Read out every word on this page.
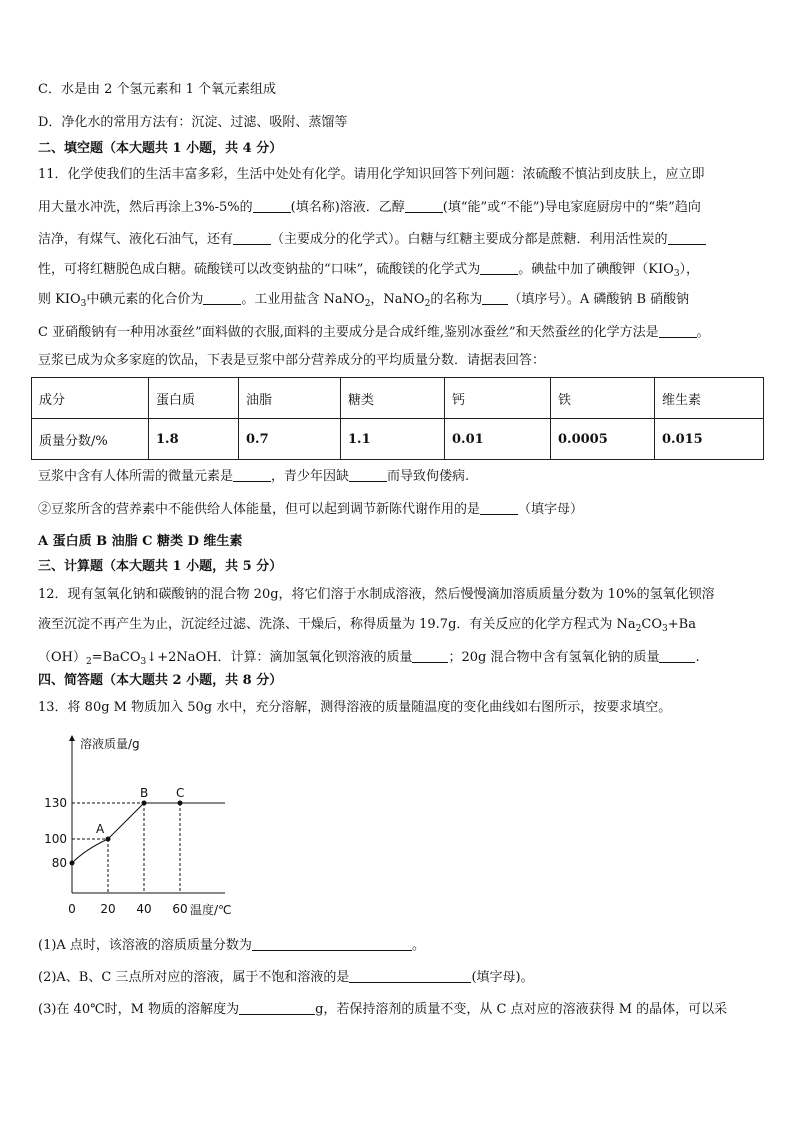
C．水是由 2 个氢元素和 1 个氧元素组成
D．净化水的常用方法有：沉淀、过滤、吸附、蒸馏等
二、填空题（本大题共 1 小题，共 4 分）
11．化学使我们的生活丰富多彩，生活中处处有化学。请用化学知识回答下列问题：浓硫酸不慎沾到皮肤上，应立即
用大量水冲洗，然后再涂上3%-5%的	(填名称)溶液．乙醇	(填“能”或“不能”)导电家庭厨房中的“柴”趋向
洁净，有煤气、液化石油气，还有	（主要成分的化学式）。白糖与红糖主要成分都是蔗糖．利用活性炭的
性，可将红糖脱色成白糖。硫酸镁可以改变钠盐的“口味”，硫酸镁的化学式为	。碘盐中加了碘酸钾$(KIO_3)$，
则 $KIO_3$中碘元素的化合价为	。工业用盐含 NaNO$_2$，NaNO$_2$的名称为 （填序号）。A 磷酸钠 B 硝酸钠
C 亚硝酸钠有一种用冰蚕丝”面料做的衣服,面料的主要成分是合成纤维,鉴别冰蚕丝”和天然蚕丝的化学方法是	。
豆浆已成为众多家庭的饮品，下表是豆浆中部分营养成分的平均质量分数．请据表回答：
成分	蛋白质	油脂	糖类	钙	铁	维生素
质量分数/%	1.8	0.7	1.1	0.01	0.0005	0.015
豆浆中含有人体所需的微量元素是	，青少年因缺	而导致佝偻病.
②豆浆所含的营养素中不能供给人体能量，但可以起到调节新陈代谢作用的是	（填字母）
A 蛋白质 B 油脂 C 糖类 D 维生素
三、计算题（本大题共 1 小题，共 5 分）
12．现有氢氧化钠和碳酸钠的混合物 20g，将它们溶于水制成溶液，然后慢慢滴加溶质质量分数为 10%的氢氧化钡溶
液至沉淀不再产生为止，沉淀经过滤、洗涤、干燥后，称得质量为 19.7g．有关反应的化学方程式为 $Na_2CO_3+Ba$
$(OH)_2=BaCO_3↓+2NaOH$．计算：滴加氢氧化钡溶液的质量	；20g 混合物中含有氢氧化钠的质量	.
四、简答题（本大题共 2 小题，共 8 分）
13．将 80g M 物质加入 50g 水中，充分溶解，测得溶液的质量随温度的变化曲线如右图所示，按要求填空。
A
B C
80
100
130
0 20 40 60
溶液质量/g
温度/℃
(1)A 点时，该溶液的溶质质量分数为	。
(2)A、B、C 三点所对应的溶液，属于不饱和溶液的是	(填字母)。
(3)在 40℃时，M 物质的溶解度为	g，若保持溶剂的质量不变，从 C 点对应的溶液获得 M 的晶体，可以采
